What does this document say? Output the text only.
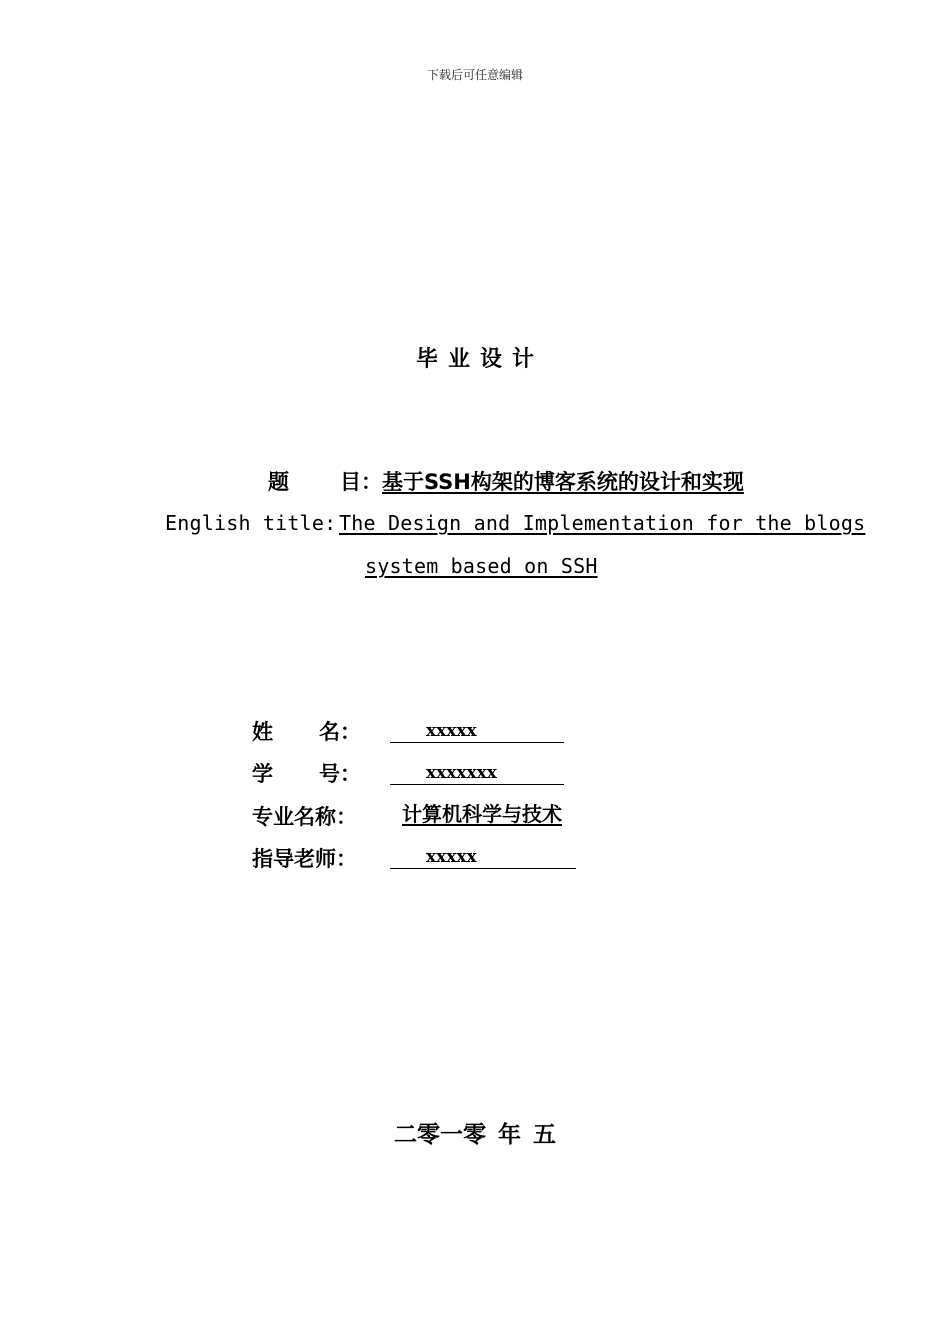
下载后可任意编辑
毕业设计
题 目：基于SSH构架的博客系统的设计和实现
English title: The Design and Implementation for the blogs
system based on SSH
姓 名：	xxxxx
学 号：	xxxxxxx
专业名称：	计算机科学与技术
指导老师：	xxxxx
二零一零 年 五
